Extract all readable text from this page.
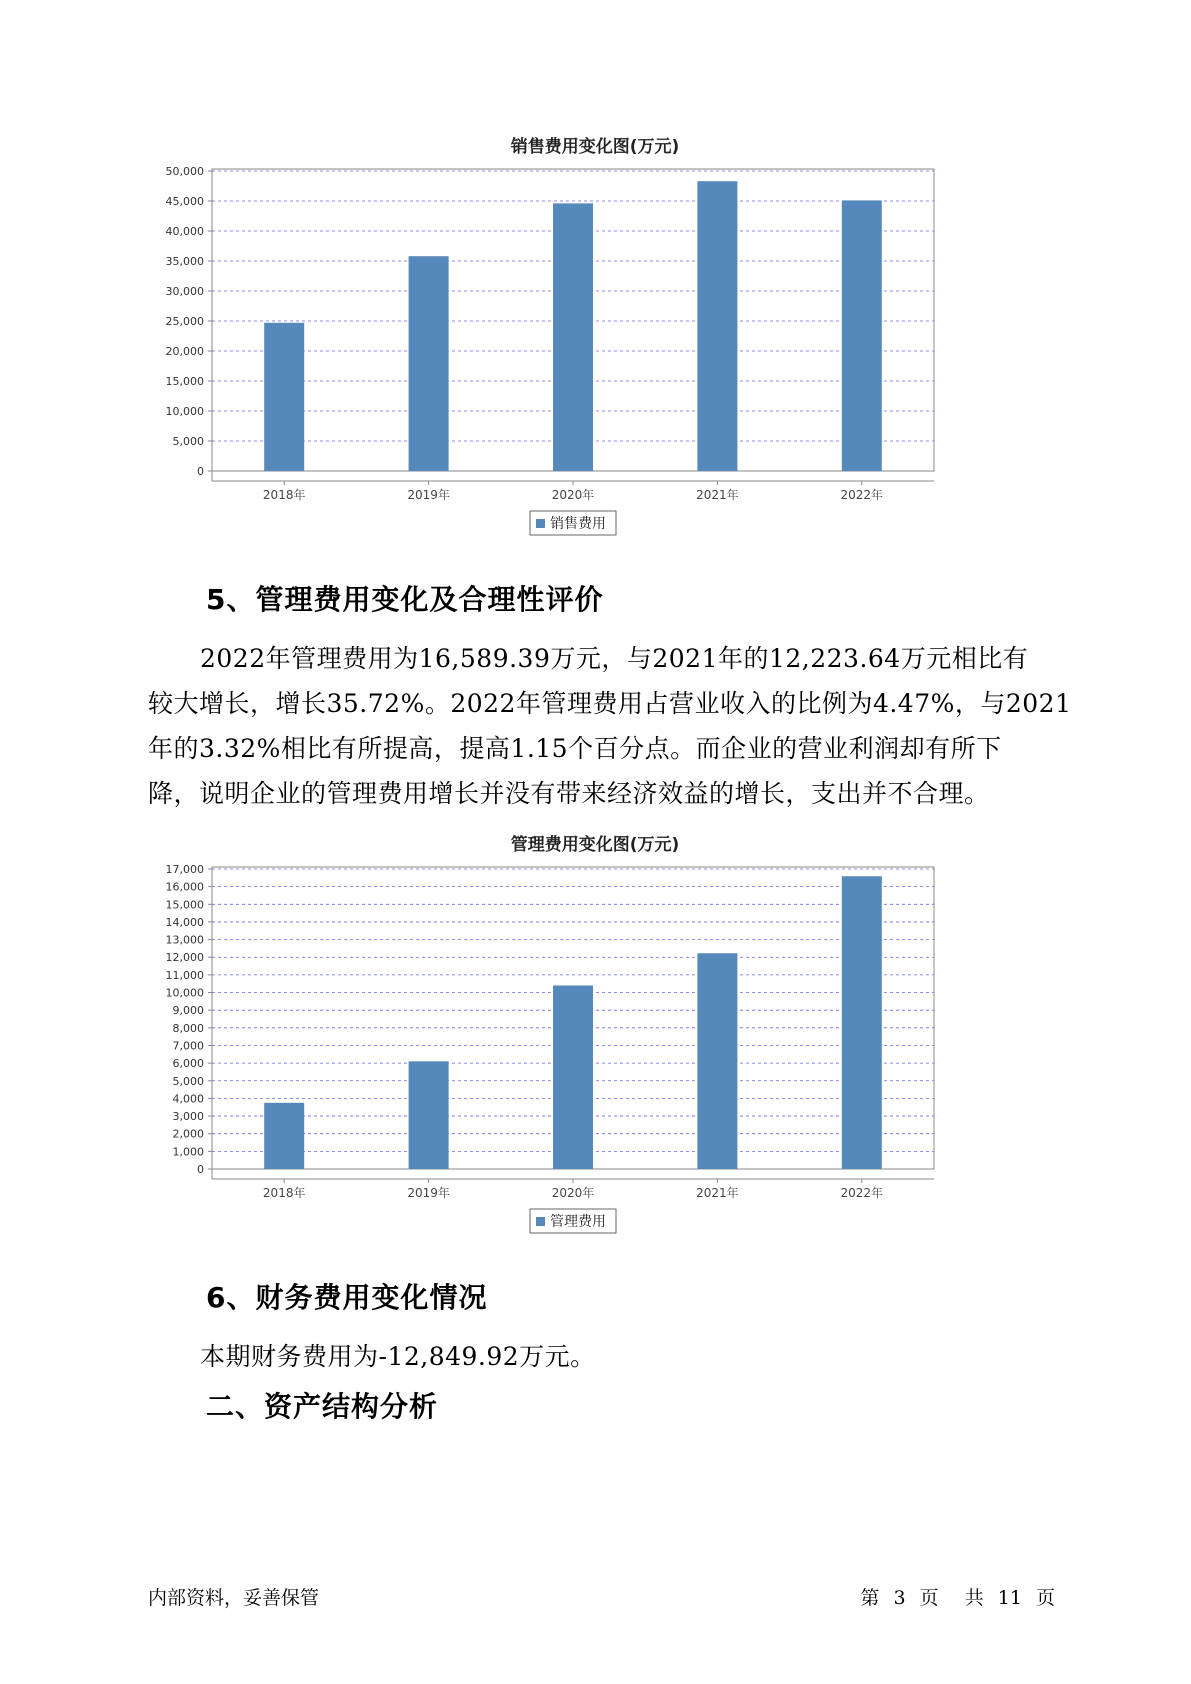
销售费用变化图(万元)
0
5,000
10,000
15,000
20,000
25,000
30,000
35,000
40,000
45,000
50,000
2018年	2019年	2020年	2021年	2022年
销售费用
5、管理费用变化及合理性评价
2022年管理费用为16,589.39万元，与2021年的12,223.64万元相比有
较大增长，增长35.72%。2022年管理费用占营业收入的比例为4.47%，与2021
年的3.32%相比有所提高，提高1.15个百分点。而企业的营业利润却有所下
降，说明企业的管理费用增长并没有带来经济效益的增长，支出并不合理。
管理费用变化图(万元)
0
1,000
2,000
3,000
4,000
5,000
6,000
7,000
8,000
9,000
10,000
11,000
12,000
13,000
14,000
15,000
16,000
17,000
2018年	2019年	2020年	2021年	2022年
管理费用
6、财务费用变化情况
本期财务费用为-12,849.92万元。
二、资产结构分析
内部资料，妥善保管	第 3 页 共 11 页
